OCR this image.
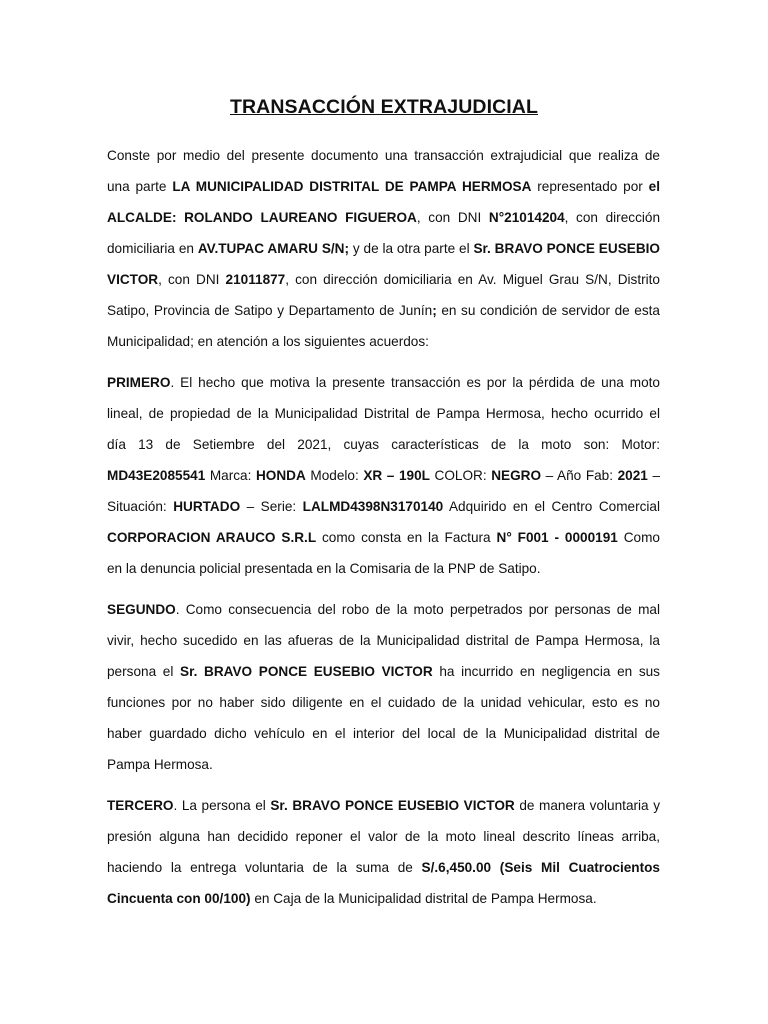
TRANSACCIÓN EXTRAJUDICIAL
Conste por medio del presente documento una transacción extrajudicial que realiza de
una parte LA MUNICIPALIDAD DISTRITAL DE PAMPA HERMOSA representado por el
ALCALDE: ROLANDO LAUREANO FIGUEROA, con DNI N°21014204, con dirección
domiciliaria en AV.TUPAC AMARU S/N; y de la otra parte el Sr. BRAVO PONCE EUSEBIO
VICTOR, con DNI 21011877, con dirección domiciliaria en Av. Miguel Grau S/N, Distrito
Satipo, Provincia de Satipo y Departamento de Junín; en su condición de servidor de esta
Municipalidad; en atención a los siguientes acuerdos:
PRIMERO. El hecho que motiva la presente transacción es por la pérdida de una moto
lineal, de propiedad de la Municipalidad Distrital de Pampa Hermosa, hecho ocurrido el
día 13 de Setiembre del 2021, cuyas características de la moto son: Motor:
MD43E2085541 Marca: HONDA Modelo: XR – 190L COLOR: NEGRO – Año Fab: 2021 –
Situación: HURTADO – Serie: LALMD4398N3170140 Adquirido en el Centro Comercial
CORPORACION ARAUCO S.R.L como consta en la Factura N° F001 - 0000191 Como
en la denuncia policial presentada en la Comisaria de la PNP de Satipo.
SEGUNDO. Como consecuencia del robo de la moto perpetrados por personas de mal
vivir, hecho sucedido en las afueras de la Municipalidad distrital de Pampa Hermosa, la
persona el Sr. BRAVO PONCE EUSEBIO VICTOR ha incurrido en negligencia en sus
funciones por no haber sido diligente en el cuidado de la unidad vehicular, esto es no
haber guardado dicho vehículo en el interior del local de la Municipalidad distrital de
Pampa Hermosa.
TERCERO. La persona el Sr. BRAVO PONCE EUSEBIO VICTOR de manera voluntaria y
presión alguna han decidido reponer el valor de la moto lineal descrito líneas arriba,
haciendo la entrega voluntaria de la suma de S/.6,450.00 (Seis Mil Cuatrocientos
Cincuenta con 00/100) en Caja de la Municipalidad distrital de Pampa Hermosa.
